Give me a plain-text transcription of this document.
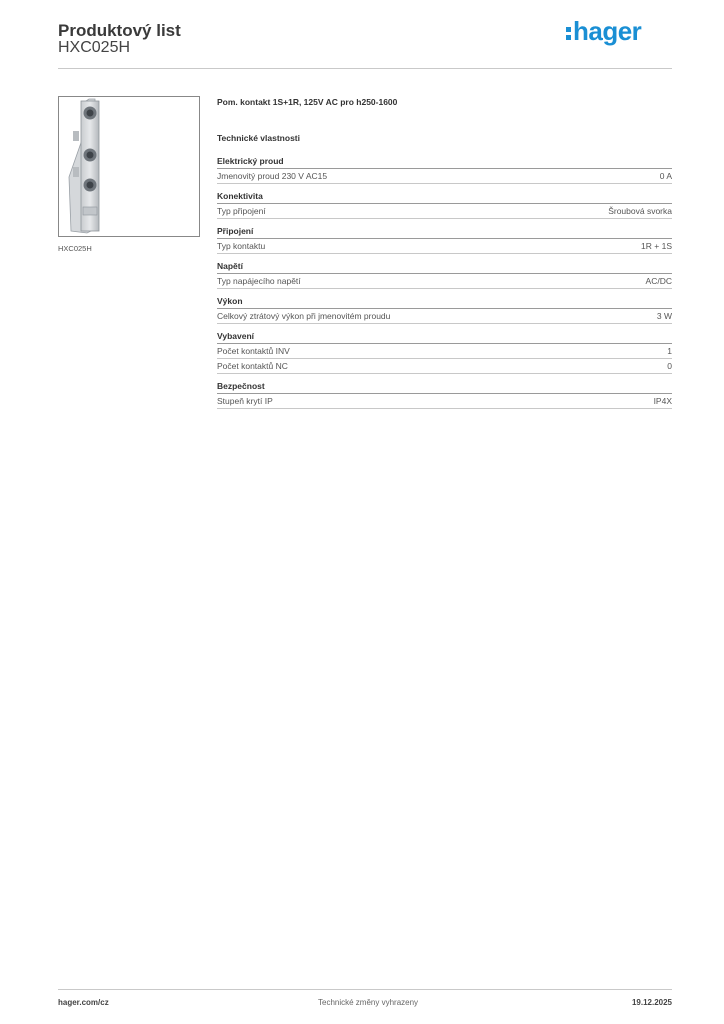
Produktový list
HXC025H
hager
HXC025H
Pom. kontakt 1S+1R, 125V AC pro h250-1600
Technické vlastnosti
Elektrický proud
Jmenovitý proud 230 V AC15	0 A
Konektivita
Typ připojení	Šroubová svorka
Připojení
Typ kontaktu	1R + 1S
Napětí
Typ napájecího napětí	AC/DC
Výkon
Celkový ztrátový výkon při jmenovitém proudu	3 W
Vybavení
Počet kontaktů INV	1
Počet kontaktů NC	0
Bezpečnost
Stupeň krytí IP	IP4X
hager.com/cz	Technické změny vyhrazeny	19.12.2025
